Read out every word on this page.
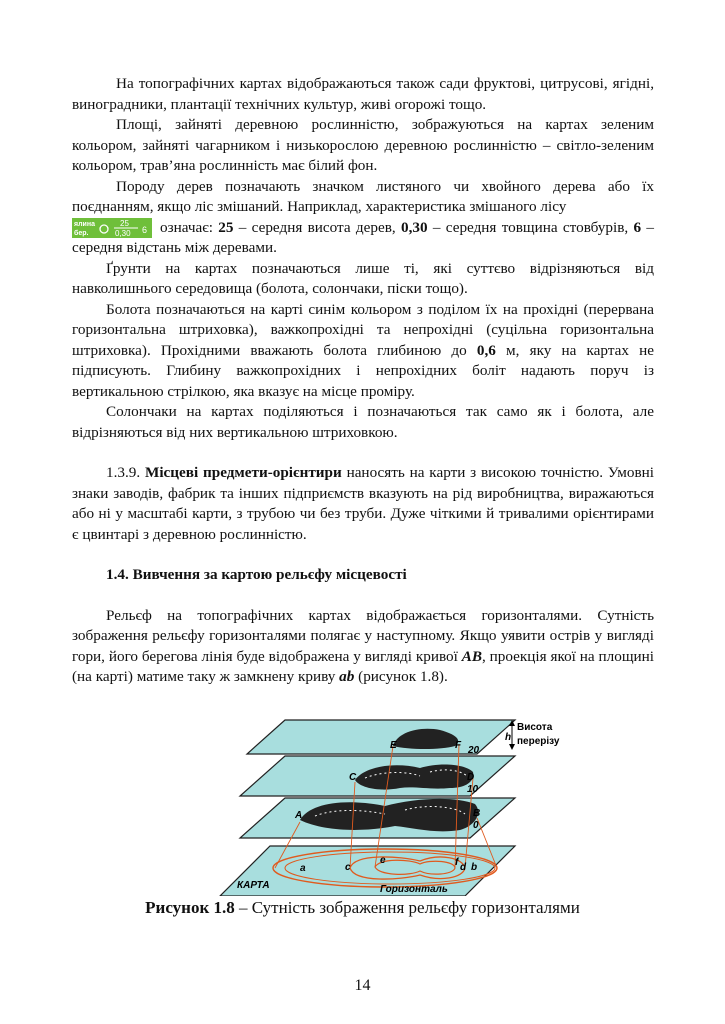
На топографічних картах відображаються також сади фруктові, цитрусові, ягідні, виноградники, плантації технічних культур, живі огорожі тощо.

Площі, зайняті деревною рослинністю, зображуються на картах зеленим кольором, зайняті чагарником і низькорослою деревною рослинністю – світло-зеленим кольором, трав’яна рослинність має білий фон.

Породу дерев позначають значком листяного чи хвойного дерева або їх поєднанням, якщо ліс змішаний. Наприклад, характеристика змішаного лісу

ялина
бер.
25
0,30 6 означає: 25 – середня висота дерев, 0,30 – середня товщина стовбурів, 6 – середня відстань між деревами.

Ґрунти на картах позначаються лише ті, які суттєво відрізняються від навколишнього середовища (болота, солончаки, піски тощо).

Болота позначаються на карті синім кольором з поділом їх на прохідні (перервана горизонтальна штриховка), важкопрохідні та непрохідні (суцільна горизонтальна штриховка). Прохідними вважають болота глибиною до 0,6 м, яку на картах не підписують. Глибину важкопрохідних і непрохідних боліт надають поруч із вертикальною стрілкою, яка вказує на місце проміру.

Солончаки на картах поділяються і позначаються так само як і болота, але відрізняються від них вертикальною штриховкою.

1.3.9. Місцеві предмети-орієнтири наносять на карти з високою точністю. Умовні знаки заводів, фабрик та інших підприємств вказують на рід виробництва, виражаються або ні у масштабі карти, з трубою чи без труби. Дуже чіткими й тривалими орієнтирами є цвинтарі з деревною рослинністю.

1.4. Вивчення за картою рельєфу місцевості

Рельєф на топографічних картах відображається горизонталями. Сутність зображення рельєфу горизонталями полягає у наступному. Якщо уявити острів у вигляді гори, його берегова лінія буде відображена у вигляді кривої АВ, проекція якої на площині (на карті) матиме таку ж замкнену криву ab (рисунок 1.8).

Висота
перерізу
h
E	F 20
C	D
10
A	B
0
a	c
e	f d b
КАРТА	Горизонталь
Рисунок 1.8 – Сутність зображення рельєфу горизонталями
14
